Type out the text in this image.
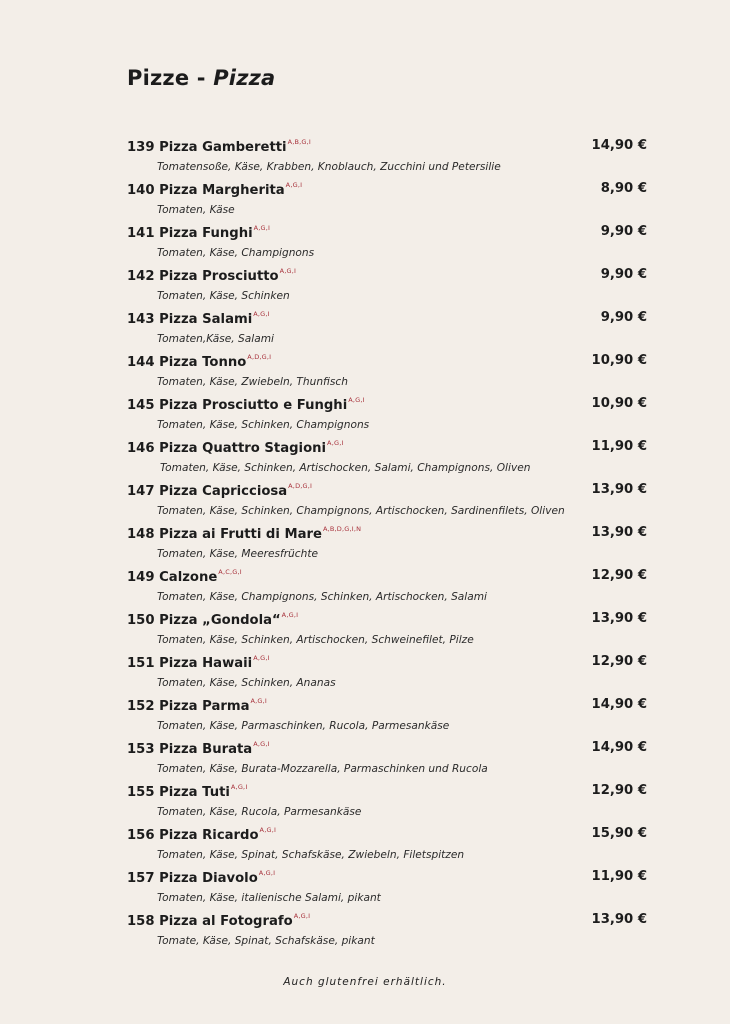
Pizze - Pizza
139 Pizza Gamberetti$^{A,B,G,I}$	14,90 €
Tomatensoße, Käse, Krabben, Knoblauch, Zucchini und Petersilie
140 Pizza Margherita$^{A,G,I}$	8,90 €
Tomaten, Käse
141 Pizza Funghi$^{A,G,I}$	9,90 €
Tomaten, Käse, Champignons
142 Pizza Prosciutto$^{A,G,I}$	9,90 €
Tomaten, Käse, Schinken
143 Pizza Salami$^{A,G,I}$	9,90 €
Tomaten,Käse, Salami
144 Pizza Tonno$^{A,D,G,I}$	10,90 €
Tomaten, Käse, Zwiebeln, Thunfisch
145 Pizza Prosciutto e Funghi$^{A,G,I}$	10,90 €
Tomaten, Käse, Schinken, Champignons
146 Pizza Quattro Stagioni$^{A,G,I}$	11,90 €
Tomaten, Käse, Schinken, Artischocken, Salami, Champignons, Oliven
147 Pizza Capricciosa$^{A,D,G,I}$	13,90 €
Tomaten, Käse, Schinken, Champignons, Artischocken, Sardinenfilets, Oliven
148 Pizza ai Frutti di Mare$^{A,B,D,G,I,N}$	13,90 €
Tomaten, Käse, Meeresfrüchte
149 Calzone$^{A,C,G,I}$	12,90 €
Tomaten, Käse, Champignons, Schinken, Artischocken, Salami
150 Pizza „Gondola“$^{A,G,I}$	13,90 €
Tomaten, Käse, Schinken, Artischocken, Schweinefilet, Pilze
151 Pizza Hawaii$^{A,G,I}$	12,90 €
Tomaten, Käse, Schinken, Ananas
152 Pizza Parma$^{A,G,I}$	14,90 €
Tomaten, Käse, Parmaschinken, Rucola, Parmesankäse
153 Pizza Burata$^{A,G,I}$	14,90 €
Tomaten, Käse, Burata-Mozzarella, Parmaschinken und Rucola
155 Pizza Tuti$^{A,G,I}$	12,90 €
Tomaten, Käse, Rucola, Parmesankäse
156 Pizza Ricardo$^{A,G,I}$	15,90 €
Tomaten, Käse, Spinat, Schafskäse, Zwiebeln, Filetspitzen
157 Pizza Diavolo$^{A,G,I}$	11,90 €
Tomaten, Käse, italienische Salami, pikant
158 Pizza al Fotografo$^{A,G,I}$	13,90 €
Tomate, Käse, Spinat, Schafskäse, pikant
Auch glutenfrei erhältlich.
